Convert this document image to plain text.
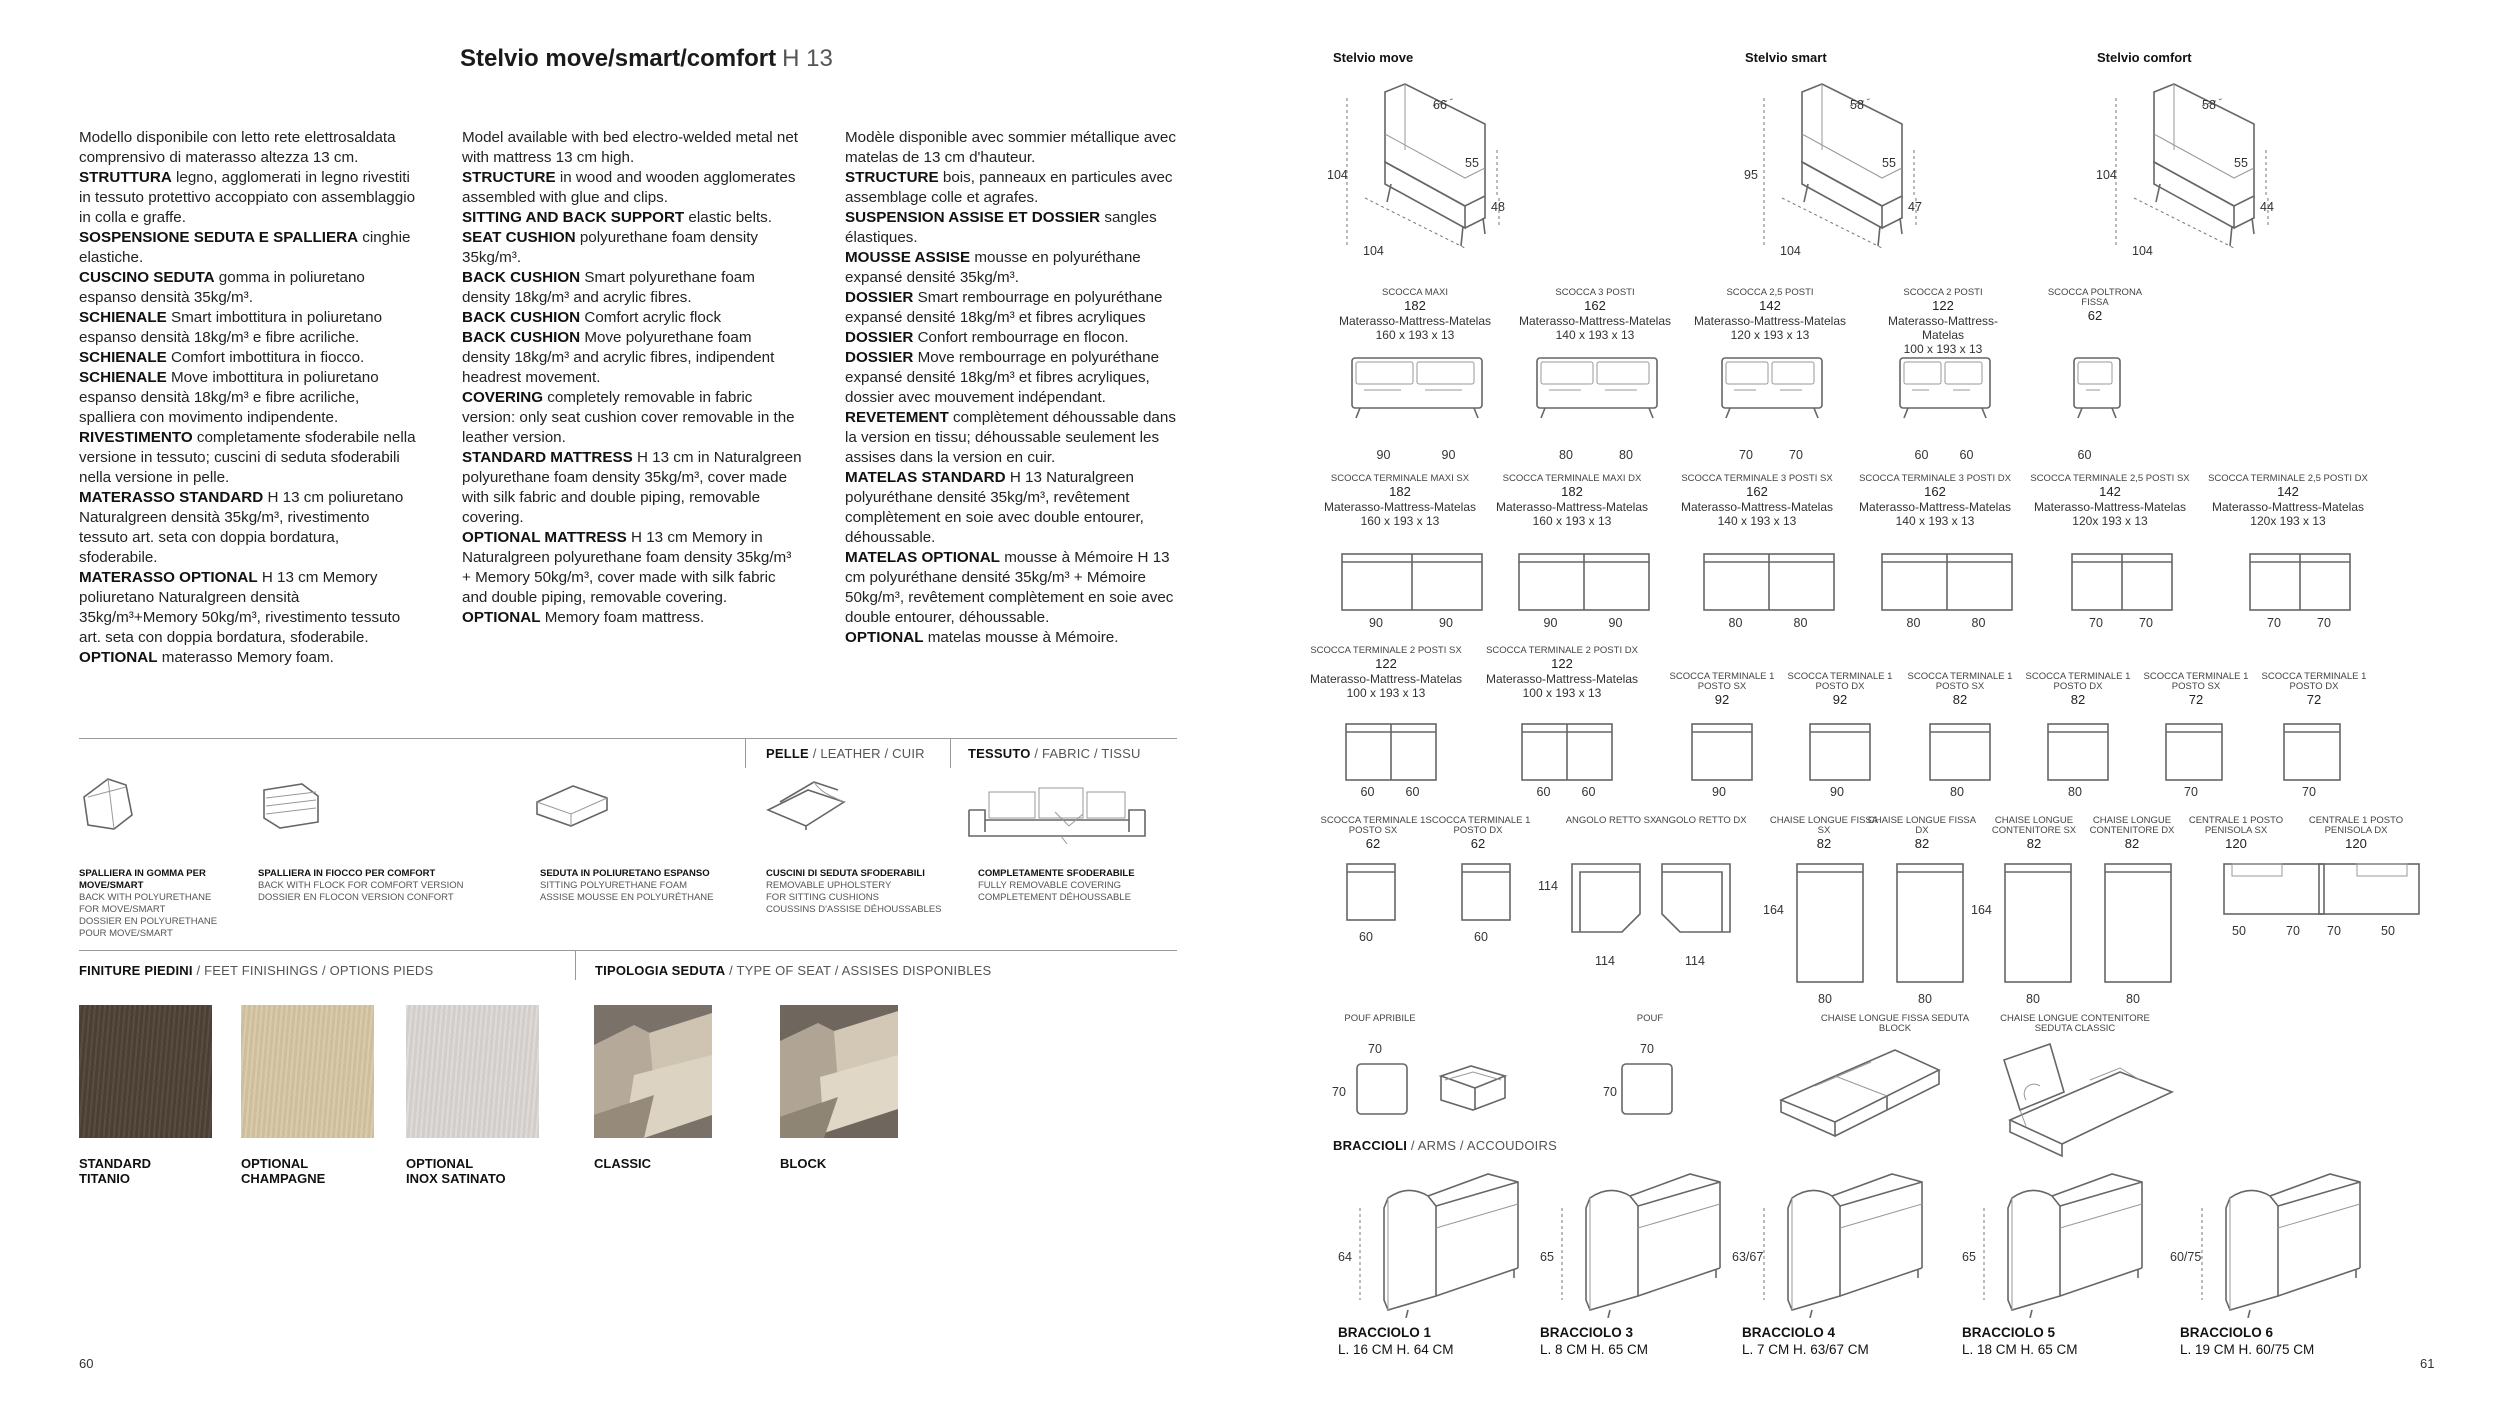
Stelvio move/smart/comfort H 13

Modello disponibile con letto rete elettrosaldata comprensivo di materasso altezza 13 cm.

STRUTTURA legno, agglomerati in legno rivestiti in tessuto protettivo accoppiato con assemblaggio in colla e graffe.

SOSPENSIONE SEDUTA E SPALLIERA cinghie elastiche.

CUSCINO SEDUTA gomma in poliuretano espanso densità 35kg/m³.

SCHIENALE Smart imbottitura in poliuretano espanso densità 18kg/m³ e fibre acriliche.

SCHIENALE Comfort imbottitura in fiocco.

SCHIENALE Move imbottitura in poliuretano espanso densità 18kg/m³ e fibre acriliche, spalliera con movimento indipendente.

RIVESTIMENTO completamente sfoderabile nella versione in tessuto; cuscini di seduta sfoderabili nella versione in pelle.

MATERASSO STANDARD H 13 cm poliuretano Naturalgreen densità 35kg/m³, rivestimento tessuto art. seta con doppia bordatura, sfoderabile.

MATERASSO OPTIONAL H 13 cm Memory poliuretano Naturalgreen densità 35kg/m³+Memory 50kg/m³, rivestimento tessuto art. seta con doppia bordatura, sfoderabile.

OPTIONAL materasso Memory foam.

Model available with bed electro-welded metal net with mattress 13 cm high.

STRUCTURE in wood and wooden agglomerates assembled with glue and clips.

SITTING AND BACK SUPPORT elastic belts.

SEAT CUSHION polyurethane foam density 35kg/m³.

BACK CUSHION Smart polyurethane foam density 18kg/m³ and acrylic fibres.

BACK CUSHION Comfort acrylic flock

BACK CUSHION Move polyurethane foam density 18kg/m³ and acrylic fibres, indipendent headrest movement.

COVERING completely removable in fabric version: only seat cushion cover removable in the leather version.

STANDARD MATTRESS H 13 cm in Naturalgreen polyurethane foam density 35kg/m³, cover made with silk fabric and double piping, removable covering.

OPTIONAL MATTRESS H 13 cm Memory in Naturalgreen polyurethane foam density 35kg/m³ + Memory 50kg/m³, cover made with silk fabric and double piping, removable covering.

OPTIONAL Memory foam mattress.

Modèle disponible avec sommier métallique avec matelas de 13 cm d'hauteur.

STRUCTURE bois, panneaux en particules avec assemblage colle et agrafes.

SUSPENSION ASSISE ET DOSSIER sangles élastiques.

MOUSSE ASSISE mousse en polyuréthane expansé densité 35kg/m³.

DOSSIER Smart rembourrage en polyuréthane expansé densité 18kg/m³ et fibres acryliques

DOSSIER Confort rembourrage en flocon.

DOSSIER Move rembourrage en polyuréthane expansé densité 18kg/m³ et fibres acryliques, dossier avec mouvement indépendant.

REVETEMENT complètement déhoussable dans la version en tissu; déhoussable seulement les assises dans la version en cuir.

MATELAS STANDARD H 13 Naturalgreen polyuréthane densité 35kg/m³, revêtement complètement en soie avec double entourer, déhoussable.

MATELAS OPTIONAL mousse à Mémoire H 13 cm polyuréthane densité 35kg/m³ + Mémoire 50kg/m³, revêtement complètement en soie avec double entourer, déhoussable.

OPTIONAL matelas mousse à Mémoire.

PELLE / LEATHER / CUIR	TESSUTO / FABRIC / TISSU
SPALLIERA IN GOMMA PER MOVE/SMART
BACK WITH POLYURETHANE
FOR MOVE/SMART
DOSSIER EN POLYURETHANE
POUR MOVE/SMART
SPALLIERA IN FIOCCO PER COMFORT
BACK WITH FLOCK FOR COMFORT VERSION
DOSSIER EN FLOCON VERSION CONFORT
SEDUTA IN POLIURETANO ESPANSO
SITTING POLYURETHANE FOAM
ASSISE MOUSSE EN POLYURÉTHANE
CUSCINI DI SEDUTA SFODERABILI
REMOVABLE UPHOLSTERY
FOR SITTING CUSHIONS
COUSSINS D'ASSISE DÉHOUSSABLES
COMPLETAMENTE SFODERABILE
FULLY REMOVABLE COVERING
COMPLETEMENT DÉHOUSSABLE
FINITURE PIEDINI / FEET FINISHINGS / OPTIONS PIEDS	TIPOLOGIA SEDUTA / TYPE OF SEAT / ASSISES DISPONIBLES
STANDARD
TITANIO
OPTIONAL
CHAMPAGNE
OPTIONAL
INOX SATINATO
CLASSIC	BLOCK
60
Stelvio move	Stelvio smart	Stelvio comfort
POUF APRIBILE
70
70
POUF
70
70
CHAISE LONGUE FISSA SEDUTA BLOCK
CHAISE LONGUE CONTENITORE SEDUTA CLASSIC
BRACCIOLI / ARMS / ACCOUDOIRS
61
104
66
55
48
104
95
58
55
47
104
104
58
55
44
104
SCOCCA MAXI
182
Materasso-Mattress-Matelas
160 x 193 x 13
90	90
SCOCCA 3 POSTI
162
Materasso-Mattress-Matelas
140 x 193 x 13
80	80
SCOCCA 2,5 POSTI
142
Materasso-Mattress-Matelas
120 x 193 x 13
70	70
SCOCCA 2 POSTI
122
Materasso-Mattress-Matelas
100 x 193 x 13
60 60
SCOCCA POLTRONA FISSA
62
60
SCOCCA TERMINALE MAXI SX
182
Materasso-Mattress-Matelas
160 x 193 x 13
90	90
SCOCCA TERMINALE MAXI DX
182
Materasso-Mattress-Matelas
160 x 193 x 13
90	90
SCOCCA TERMINALE 3 POSTI SX
162
Materasso-Mattress-Matelas
140 x 193 x 13
80	80
SCOCCA TERMINALE 3 POSTI DX
162
Materasso-Mattress-Matelas
140 x 193 x 13
80	80
SCOCCA TERMINALE 2,5 POSTI SX
142
Materasso-Mattress-Matelas
120x 193 x 13
70	70
SCOCCA TERMINALE 2,5 POSTI DX
142
Materasso-Mattress-Matelas
120x 193 x 13
70	70
SCOCCA TERMINALE 2 POSTI SX
122
Materasso-Mattress-Matelas
100 x 193 x 13
60 60
SCOCCA TERMINALE 2 POSTI DX
122
Materasso-Mattress-Matelas
100 x 193 x 13
60 60
SCOCCA TERMINALE 1 POSTO SX
92
90
SCOCCA TERMINALE 1 POSTO DX
92
90
SCOCCA TERMINALE 1 POSTO SX
82
80
SCOCCA TERMINALE 1 POSTO DX
82
80
SCOCCA TERMINALE 1 POSTO SX
72
70
SCOCCA TERMINALE 1 POSTO DX
72
70
SCOCCA TERMINALE 1 POSTO SX
62
60
SCOCCA TERMINALE 1 POSTO DX
62
60
ANGOLO RETTO SX
114
114
ANGOLO RETTO DX
114
CHAISE LONGUE FISSA SX
82
80
164
CHAISE LONGUE FISSA DX
82
80
CHAISE LONGUE CONTENITORE SX
82
80
164
CHAISE LONGUE CONTENITORE DX
82
80
CENTRALE 1 POSTO PENISOLA SX
120
50	70
CENTRALE 1 POSTO PENISOLA DX
120
70	50
64
BRACCIOLO 1
L. 16 CM H. 64 CM
65
BRACCIOLO 3
L. 8 CM H. 65 CM
63/67
BRACCIOLO 4
L. 7 CM H. 63/67 CM
65
BRACCIOLO 5
L. 18 CM H. 65 CM
60/75
BRACCIOLO 6
L. 19 CM H. 60/75 CM
